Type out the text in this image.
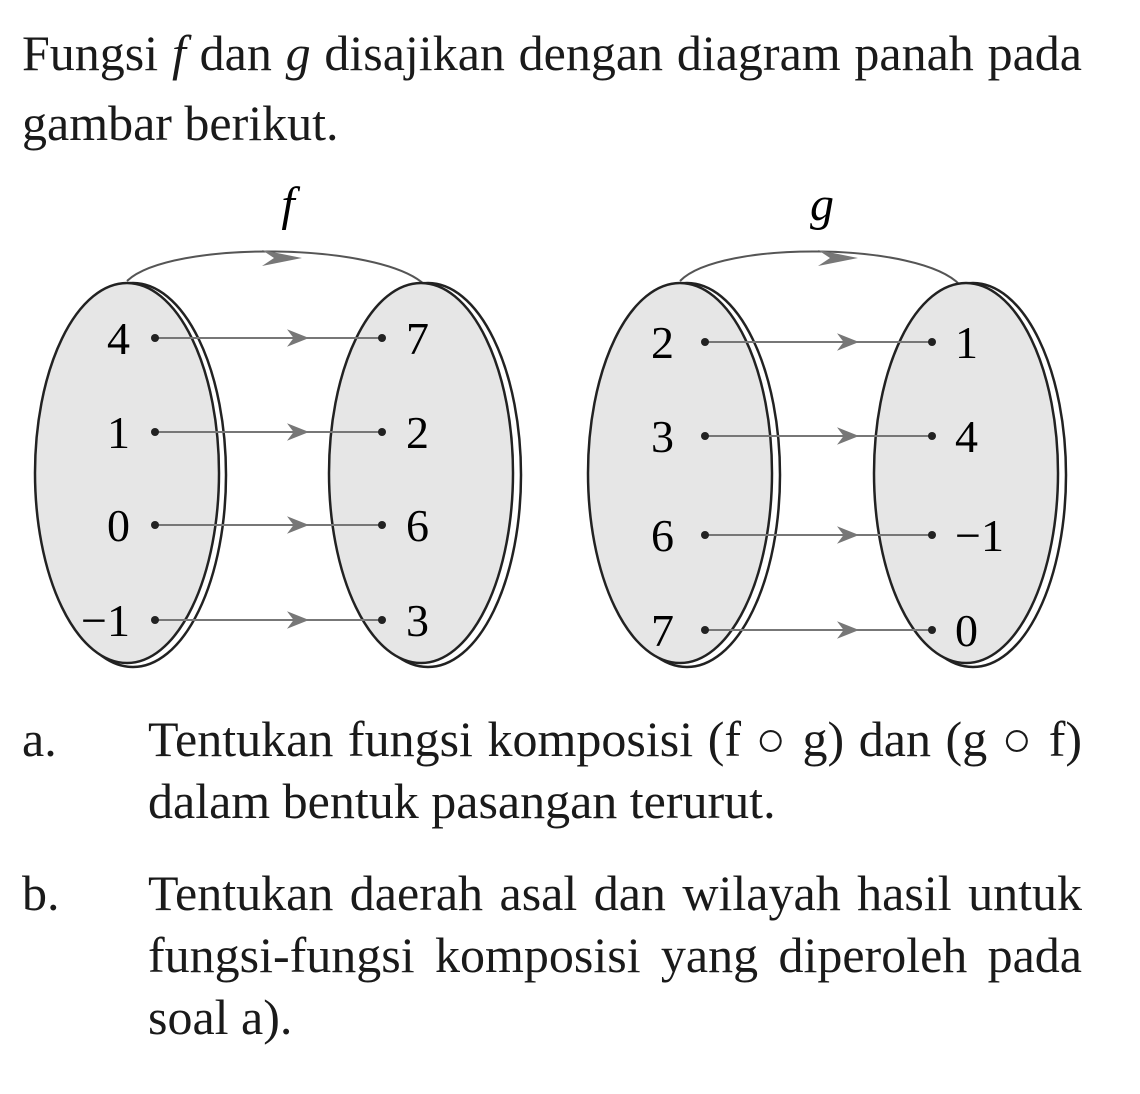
Fungsi f dan g disajikan dengan diagram panah pada gambar berikut.
f
4
1
0
−1
7
2
6
3
g
2
3
6
7
1
4
−1
0
a. Tentukan fungsi komposisi (f ○ g) dan (g ○ f) dalam bentuk pasangan terurut.
b. Tentukan daerah asal dan wilayah hasil untuk fungsi-fungsi komposisi yang diperoleh pada soal a).
